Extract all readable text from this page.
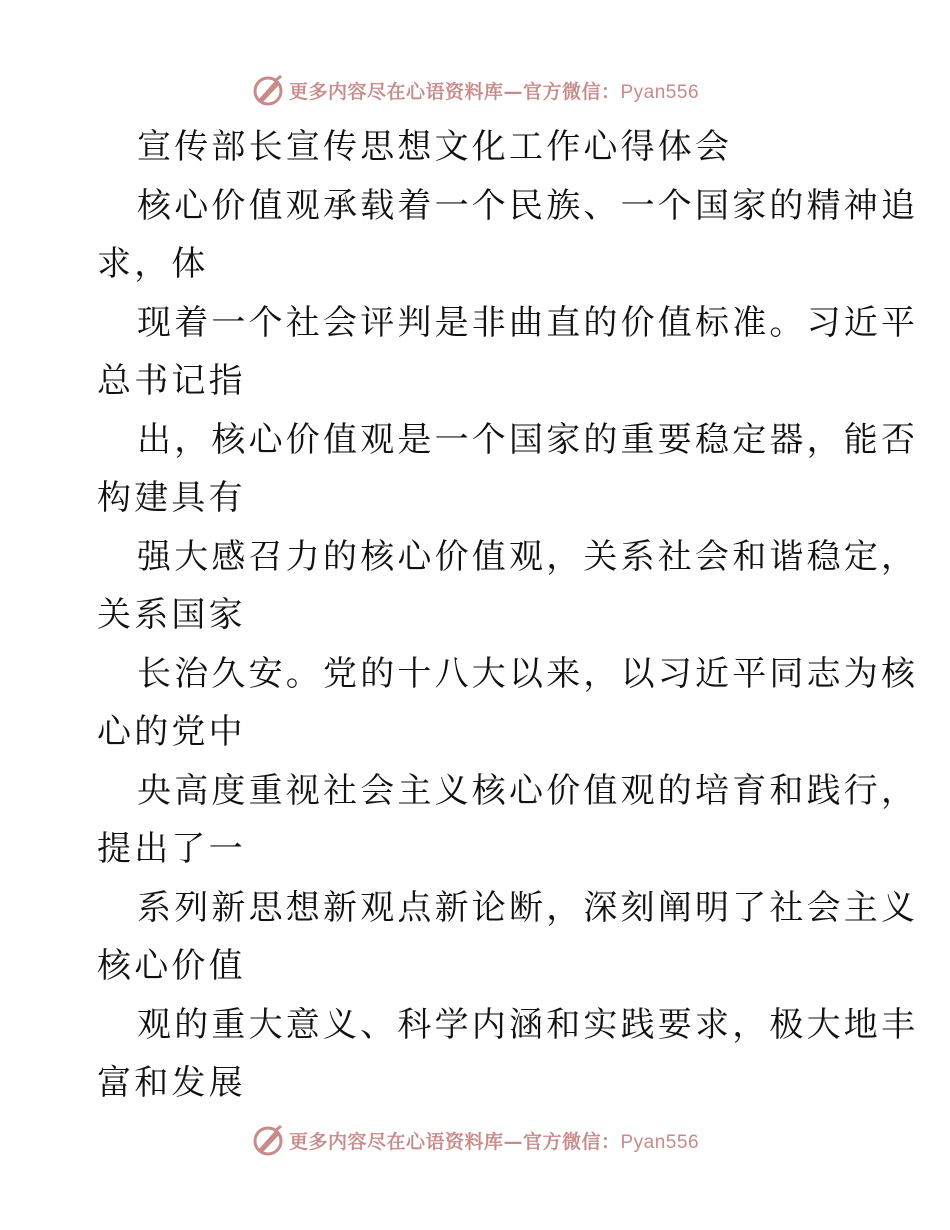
更多内容尽在心语资料库—官方微信：Pyan556
宣传部长宣传思想文化工作心得体会
核心价值观承载着一个民族、一个国家的精神追
求，体
现着一个社会评判是非曲直的价值标准。习近平
总书记指
出，核心价值观是一个国家的重要稳定器，能否
构建具有
强大感召力的核心价值观，关系社会和谐稳定，
关系国家
长治久安。党的十八大以来，以习近平同志为核
心的党中
央高度重视社会主义核心价值观的培育和践行，
提出了一
系列新思想新观点新论断，深刻阐明了社会主义
核心价值
观的重大意义、科学内涵和实践要求，极大地丰
富和发展
更多内容尽在心语资料库—官方微信：Pyan556
